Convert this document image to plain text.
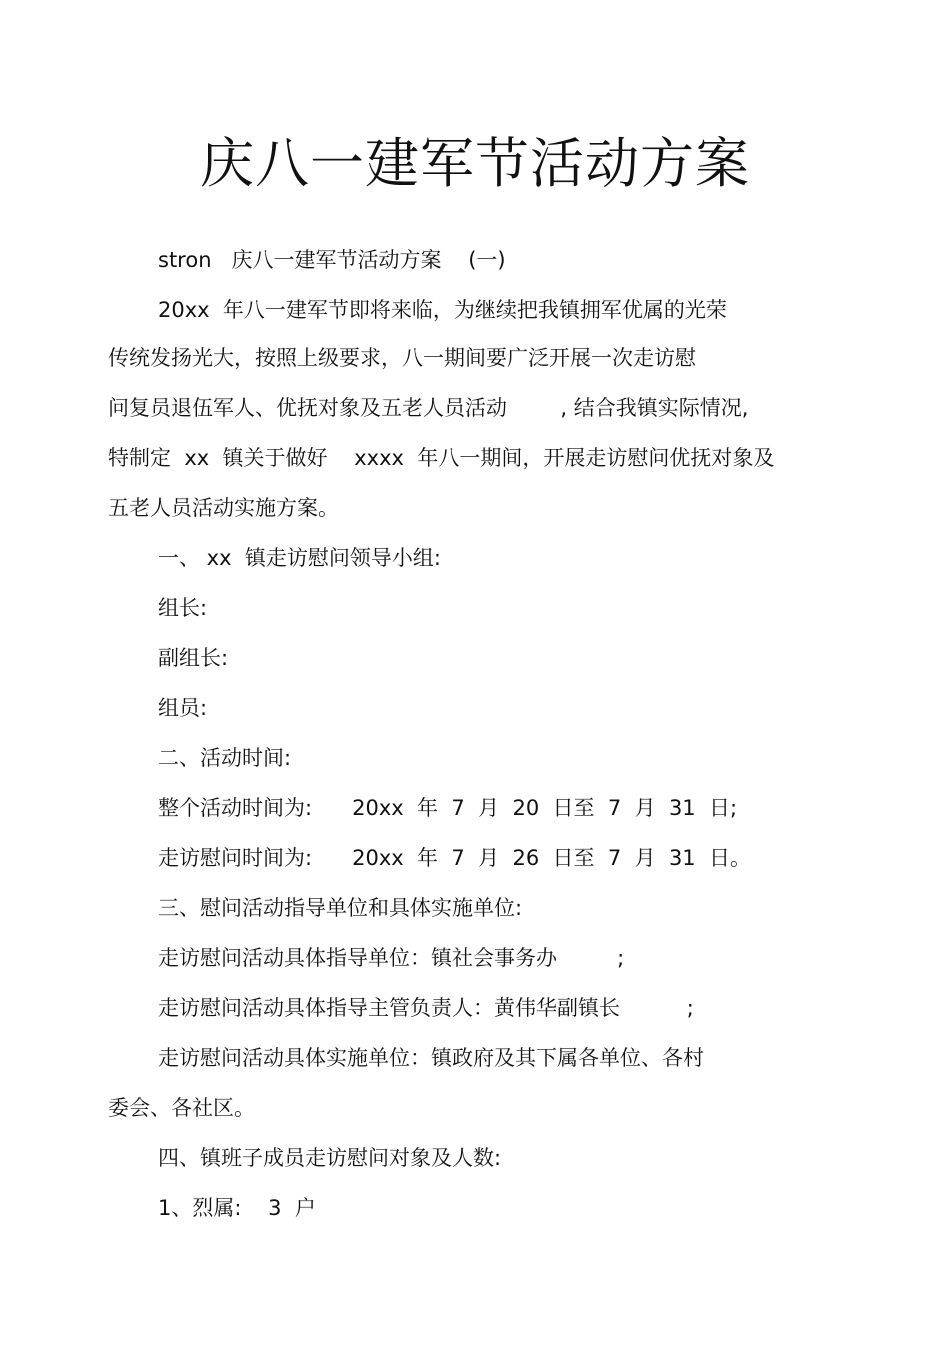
庆八一建军节活动方案
stron   庆八一建军节活动方案    (一)
20xx  年八一建军节即将来临，为继续把我镇拥军优属的光荣
传统发扬光大，按照上级要求，八一期间要广泛开展一次走访慰
问复员退伍军人、优抚对象及五老人员活动        , 结合我镇实际情况,
特制定  xx  镇关于做好    xxxx  年八一期间，开展走访慰问优抚对象及
五老人员活动实施方案。
一、 xx  镇走访慰问领导小组:
组长:
副组长:
组员:
二、活动时间:
整个活动时间为:      20xx  年  7  月  20  日至  7  月  31  日;
走访慰问时间为:      20xx  年  7  月  26  日至  7  月  31  日。
三、慰问活动指导单位和具体实施单位:
走访慰问活动具体指导单位：镇社会事务办         ;
走访慰问活动具体指导主管负责人：黄伟华副镇长          ;
走访慰问活动具体实施单位：镇政府及其下属各单位、各村
委会、各社区。
四、镇班子成员走访慰问对象及人数:
1、烈属:    3  户
